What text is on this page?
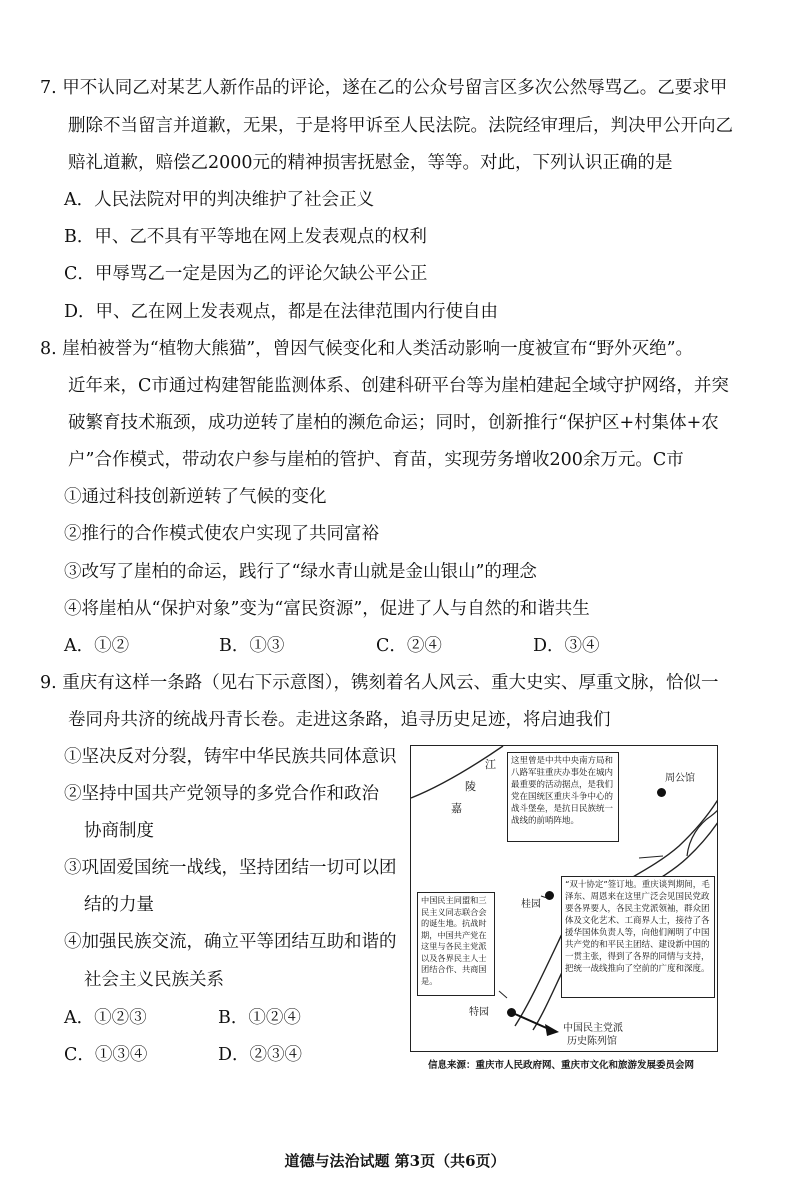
7. 甲不认同乙对某艺人新作品的评论，遂在乙的公众号留言区多次公然辱骂乙。乙要求甲
删除不当留言并道歉，无果，于是将甲诉至人民法院。法院经审理后，判决甲公开向乙
赔礼道歉，赔偿乙2000元的精神损害抚慰金，等等。对此，下列认识正确的是
A．人民法院对甲的判决维护了社会正义
B．甲、乙不具有平等地在网上发表观点的权利
C．甲辱骂乙一定是因为乙的评论欠缺公平公正
D．甲、乙在网上发表观点，都是在法律范围内行使自由
8. 崖柏被誉为“植物大熊猫”，曾因气候变化和人类活动影响一度被宣布“野外灭绝”。
近年来，C市通过构建智能监测体系、创建科研平台等为崖柏建起全域守护网络，并突
破繁育技术瓶颈，成功逆转了崖柏的濒危命运；同时，创新推行“保护区+村集体+农
户”合作模式，带动农户参与崖柏的管护、育苗，实现劳务增收200余万元。C市
①通过科技创新逆转了气候的变化
②推行的合作模式使农户实现了共同富裕
③改写了崖柏的命运，践行了“绿水青山就是金山银山”的理念
④将崖柏从“保护对象”变为“富民资源”，促进了人与自然的和谐共生
A．①②	B．①③	C．②④	D．③④
9. 重庆有这样一条路（见右下示意图），镌刻着名人风云、重大史实、厚重文脉，恰似一
卷同舟共济的统战丹青长卷。走进这条路，追寻历史足迹，将启迪我们
①坚决反对分裂，铸牢中华民族共同体意识
②坚持中国共产党领导的多党合作和政治
协商制度
③巩固爱国统一战线，坚持团结一切可以团
结的力量
④加强民族交流，确立平等团结互助和谐的
社会主义民族关系
A．①②③	B．①②④
C．①③④	D．②③④
江
陵
嘉
这里曾是中共中央南方局和八路军驻重庆办事处在城内最重要的活动据点，是我们党在国统区重庆斗争中心的战斗堡垒，是抗日民族统一战线的前哨阵地。
周公馆
“双十协定”签订地。重庆谈判期间，毛泽东、周恩来在这里广泛会见国民党政要各界要人，各民主党派领袖，群众团体及文化艺术、工商界人士，接待了各援华国体负责人等，向他们阐明了中国共产党的和平民主团结、建设新中国的一贯主张，得到了各界的同情与支持，把统一战线推向了空前的广度和深度。
桂园
中国民主同盟和三民主义同志联合会的诞生地。抗战时期，中国共产党在这里与各民主党派以及各界民主人士团结合作、共商国是。
特园
中国民主党派
历史陈列馆
信息来源：重庆市人民政府网、重庆市文化和旅游发展委员会网
道德与法治试题 第3页（共6页）
